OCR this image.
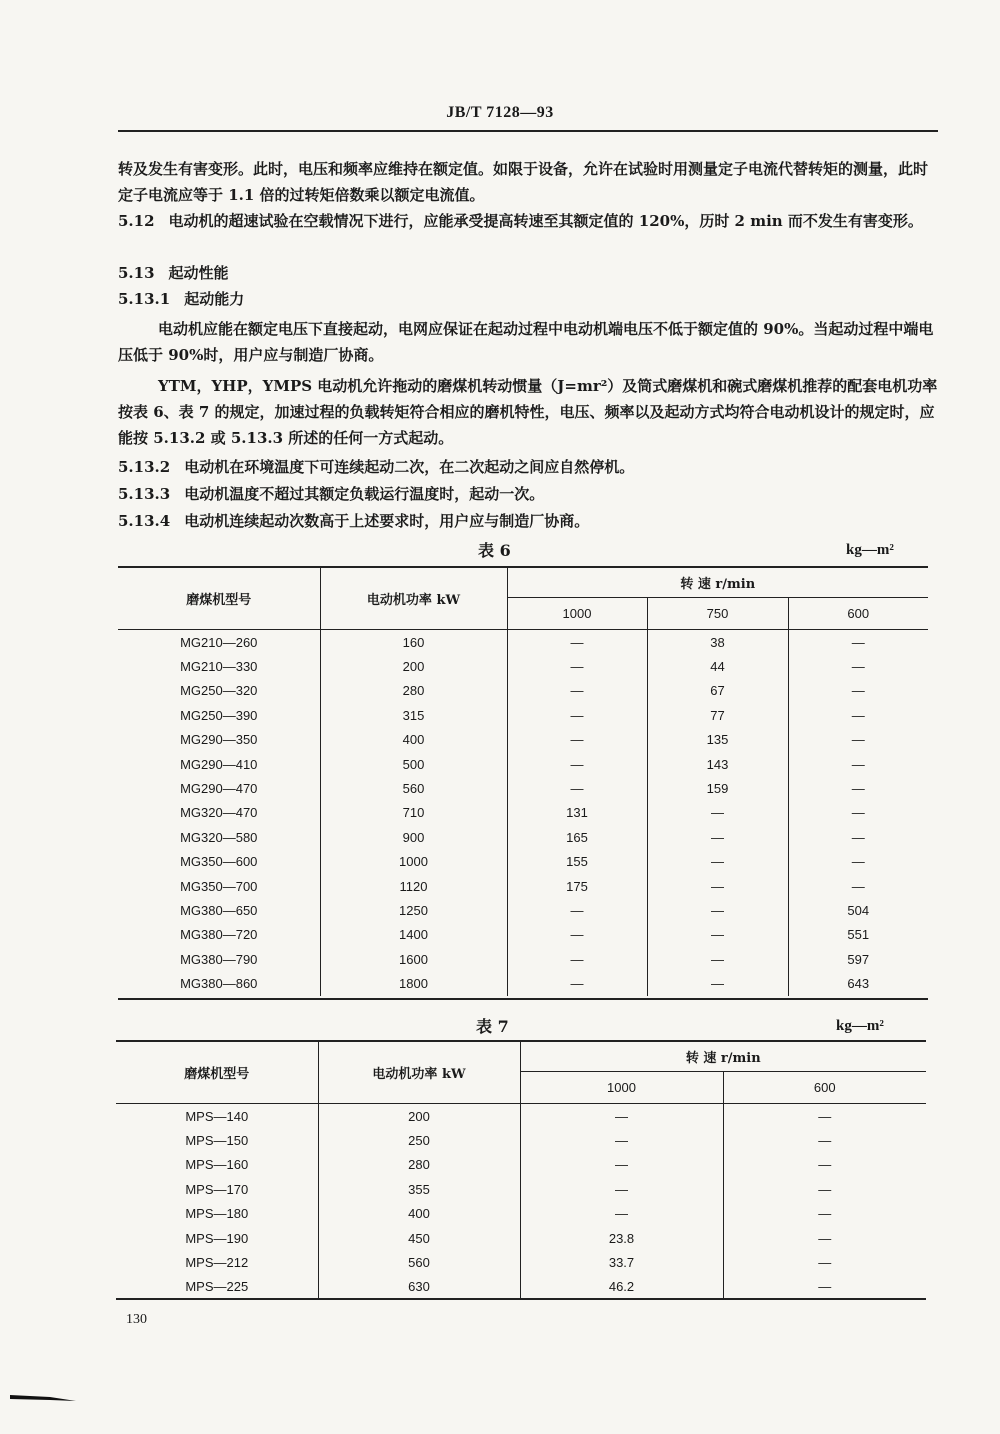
JB/T 7128—93

转及发生有害变形。此时，电压和频率应维持在额定值。如限于设备，允许在试验时用测量定子电流代替转矩的测量，此时定子电流应等于 1.1 倍的过转矩倍数乘以额定电流值。

5.12 电动机的超速试验在空载情况下进行，应能承受提高转速至其额定值的 120%，历时 2 min 而不发生有害变形。

5.13 起动性能

5.13.1 起动能力

电动机应能在额定电压下直接起动，电网应保证在起动过程中电动机端电压不低于额定值的 90%。当起动过程中端电压低于 90%时，用户应与制造厂协商。

YTM，YHP，YMPS 电动机允许拖动的磨煤机转动惯量（J=mr²）及筒式磨煤机和碗式磨煤机推荐的配套电机功率按表 6、表 7 的规定，加速过程的负载转矩符合相应的磨机特性，电压、频率以及起动方式均符合电动机设计的规定时，应能按 5.13.2 或 5.13.3 所述的任何一方式起动。

5.13.2 电动机在环境温度下可连续起动二次，在二次起动之间应自然停机。

5.13.3 电动机温度不超过其额定负载运行温度时，起动一次。

5.13.4 电动机连续起动次数高于上述要求时，用户应与制造厂协商。

表 6	kg—m²
磨煤机型号	电动机功率 kW	转 速 r/min		
		1000	750	600
MG210—260	160	—	38	—
MG210—330	200	—	44	—
MG250—320	280	—	67	—
MG250—390	315	—	77	—
MG290—350	400	—	135	—
MG290—410	500	—	143	—
MG290—470	560	—	159	—
MG320—470	710	131	—	—
MG320—580	900	165	—	—
MG350—600	1000	155	—	—
MG350—700	1120	175	—	—
MG380—650	1250	—	—	504
MG380—720	1400	—	—	551
MG380—790	1600	—	—	597
MG380—860	1800	—	—	643
表 7	kg—m²
磨煤机型号	电动机功率 kW	转 速 r/min	
		1000	600
MPS—140	200	—	—
MPS—150	250	—	—
MPS—160	280	—	—
MPS—170	355	—	—
MPS—180	400	—	—
MPS—190	450	23.8	—
MPS—212	560	33.7	—
MPS—225	630	46.2	—
130
